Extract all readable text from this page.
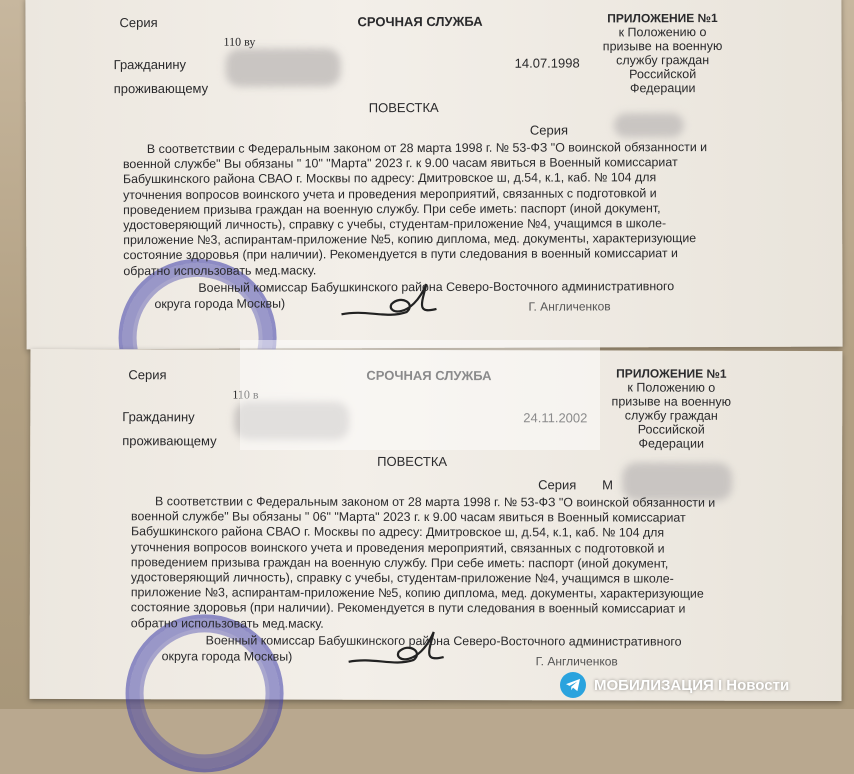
Серия	СРОЧНАЯ СЛУЖБА
110 ву
ПРИЛОЖЕНИЕ №1
к Положению о
призыве на военную
службу граждан
Российской
Федерации
Гражданину	14.07.1998
проживающему
ПОВЕСТКА
Серия
В соответствии с Федеральным законом от 28 марта 1998 г. № 53-ФЗ "О воинской обязанности и
военной службе" Вы обязаны " 10" "Марта" 2023 г. к 9.00 часам явиться в Военный комиссариат
Бабушкинского района СВАО г. Москвы по адресу: Дмитровское ш, д.54, к.1, каб. № 104 для
уточнения вопросов воинского учета и проведения мероприятий, связанных с подготовкой и
проведением призыва граждан на военную службу. При себе иметь: паспорт (иной документ,
удостоверяющий личность), справку с учебы, студентам-приложение №4, учащимся в школе-
приложение №3, аспирантам-приложение №5, копию диплома, мед. документы, характеризующие
состояние здоровья (при наличии). Рекомендуется в пути следования в военный комиссариат и
обратно использовать мед.маску.
Военный комиссар Бабушкинского района Северо-Восточного административного
округа города Москвы)	Г. Англиченков
Серия	СРОЧНАЯ СЛУЖБА
110 в
ПРИЛОЖЕНИЕ №1
к Положению о
призыве на военную
службу граждан
Российской
Федерации
Гражданину	24.11.2002
проживающему
ПОВЕСТКА
Серия М
В соответствии с Федеральным законом от 28 марта 1998 г. № 53-ФЗ "О воинской обязанности и
военной службе" Вы обязаны " 06" "Марта" 2023 г. к 9.00 часам явиться в Военный комиссариат
Бабушкинского района СВАО г. Москвы по адресу: Дмитровское ш, д.54, к.1, каб. № 104 для
уточнения вопросов воинского учета и проведения мероприятий, связанных с подготовкой и
проведением призыва граждан на военную службу. При себе иметь: паспорт (иной документ,
удостоверяющий личность), справку с учебы, студентам-приложение №4, учащимся в школе-
приложение №3, аспирантам-приложение №5, копию диплома, мед. документы, характеризующие
состояние здоровья (при наличии). Рекомендуется в пути следования в военный комиссариат и
обратно использовать мед.маску.
Военный комиссар Бабушкинского района Северо-Восточного административного
округа города Москвы)	Г. Англиченков
МОБИЛИЗАЦИЯ I Новости
